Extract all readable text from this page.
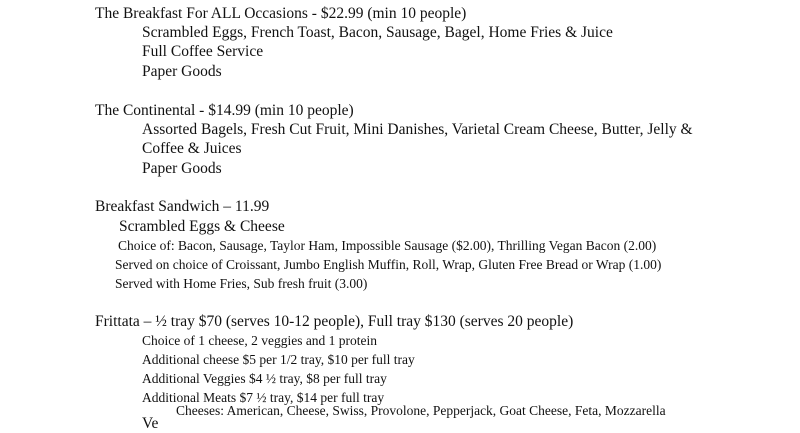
The Breakfast For ALL Occasions - $22.99 (min 10 people)
Scrambled Eggs, French Toast, Bacon, Sausage, Bagel, Home Fries & Juice
Full Coffee Service
Paper Goods
The Continental - $14.99 (min 10 people)
Assorted Bagels, Fresh Cut Fruit, Mini Danishes, Varietal Cream Cheese, Butter, Jelly &
Coffee & Juices
Paper Goods
Breakfast Sandwich – 11.99
Scrambled Eggs & Cheese
Choice of: Bacon, Sausage, Taylor Ham, Impossible Sausage ($2.00), Thrilling Vegan Bacon (2.00)
Served on choice of Croissant, Jumbo English Muffin, Roll, Wrap, Gluten Free Bread or Wrap (1.00)
Served with Home Fries, Sub fresh fruit (3.00)
Frittata – ½ tray $70 (serves 10-12 people), Full tray $130 (serves 20 people)
Choice of 1 cheese, 2 veggies and 1 protein
Additional cheese $5 per 1/2 tray, $10 per full tray
Additional Veggies $4 ½ tray, $8 per full tray
Additional Meats $7 ½ tray, $14 per full tray
Cheeses: American, Cheese, Swiss, Provolone, Pepperjack, Goat Cheese, Feta, Mozzarella
Ve
